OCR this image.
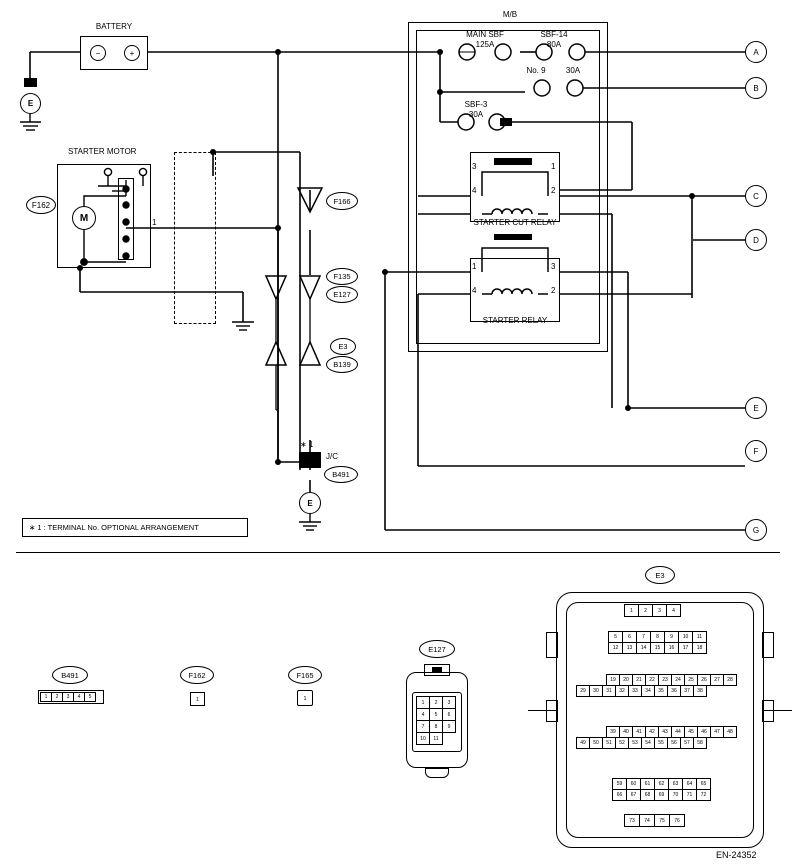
−	+
BATTERY
E
STARTER MOTOR
F162
M	1
M/B
MAIN SBF
125A
SBF-14
80A
No. 9	30A
SBF-3
30A
3	1
4	2
STARTER CUT RELAY
1	3
4	2
STARTER RELAY
F166
F135
E127
E3
B139
∗ 1
J/C
B491
E
A
B
C
D
E
F
G
∗ 1 : TERMINAL No. OPTIONAL ARRANGEMENT
B491
1	2	3	4	5
F162
1
F165
1
E127
1	2	3
4	5	6
7	8	9
10	11
E3
1	2	3	4
5	6	7	8	9	10	11
12	13	14	15	16	17	18
19	20	21	22	23	24	25	26	27	28
29	30	31	32	33	34	35	36	37	38
39	40	41	42	43	44	45	46	47	48
49	50	51	52	53	54	55	56	57	58
59	60	61	62	63	64	65
66	67	68	69	70	71	72
73	74	75	76
EN-24352
